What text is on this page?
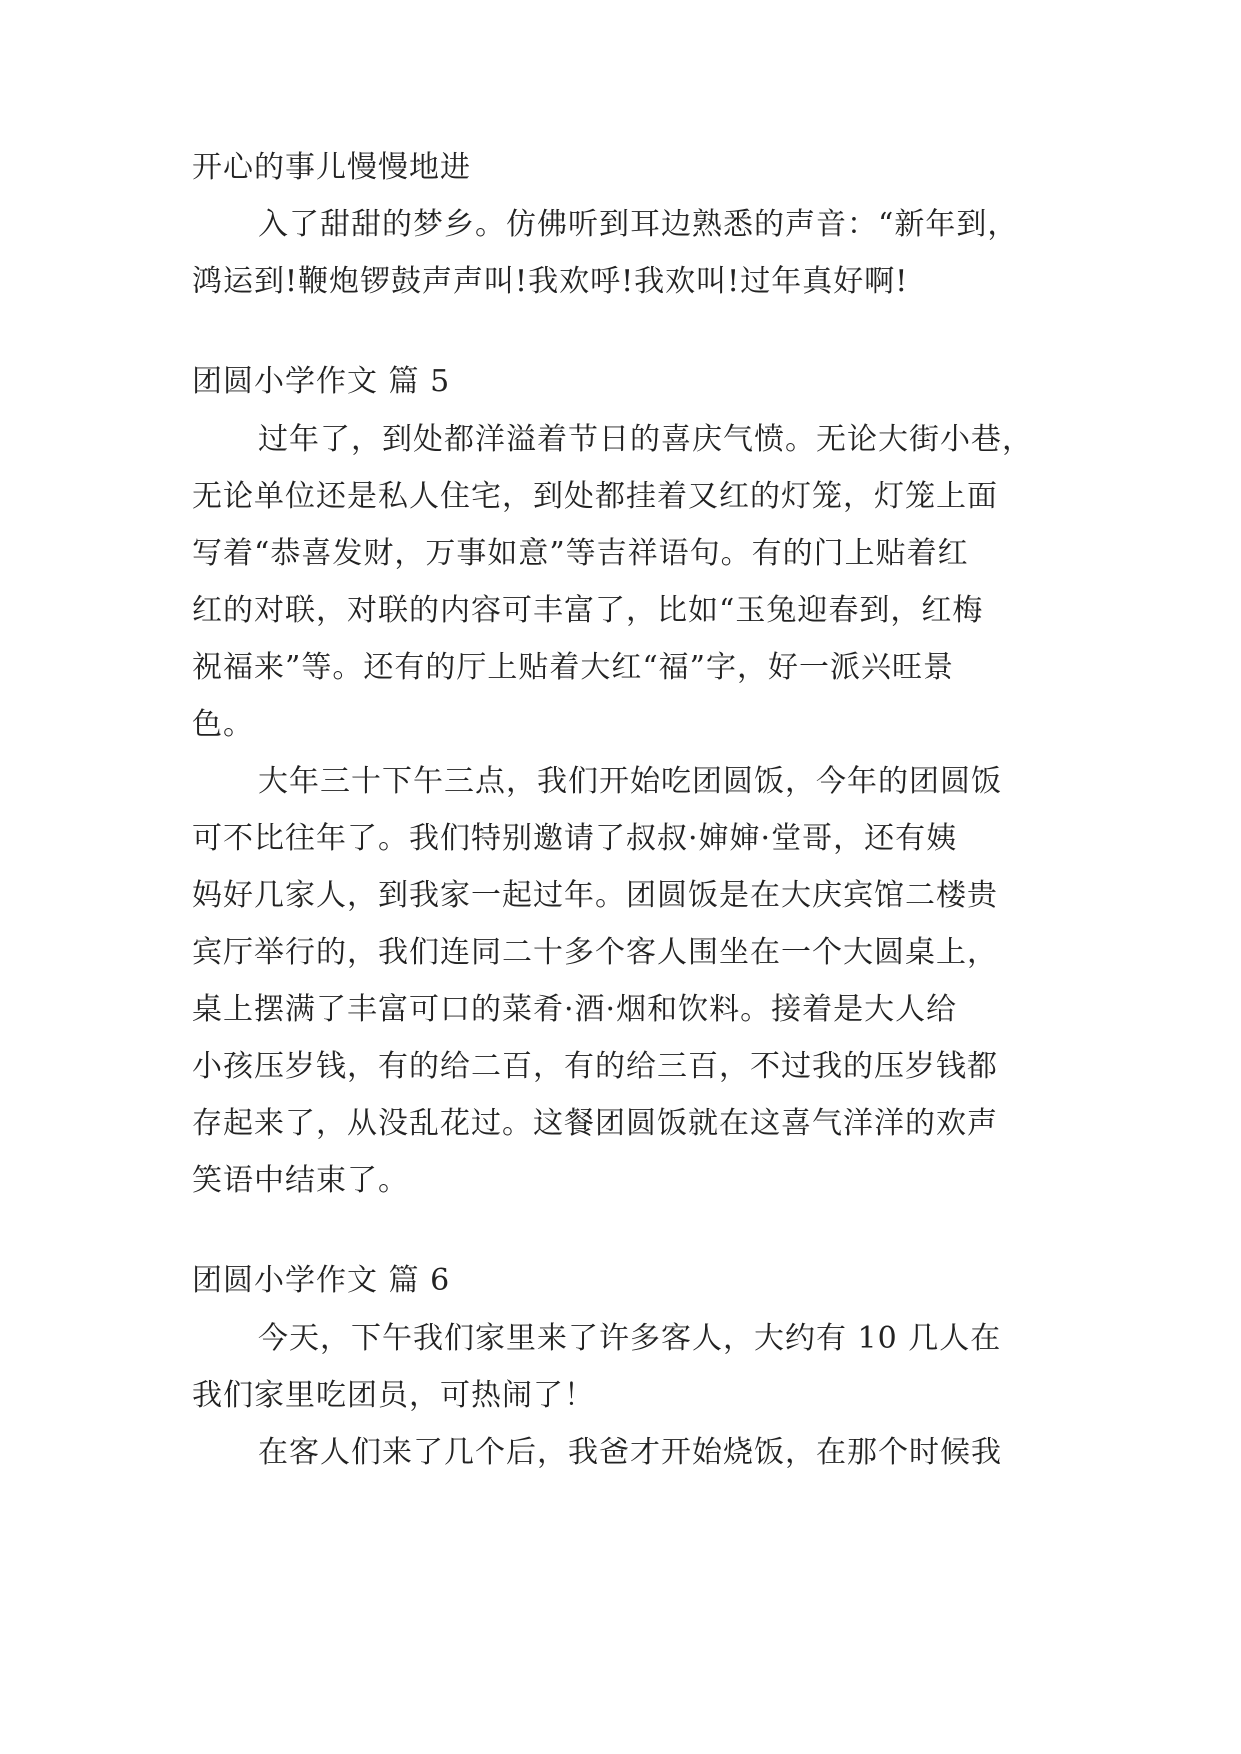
开心的事儿慢慢地进
入了甜甜的梦乡。仿佛听到耳边熟悉的声音：“新年到，
鸿运到!鞭炮锣鼓声声叫!我欢呼!我欢叫!过年真好啊!
团圆小学作文 篇 5
过年了，到处都洋溢着节日的喜庆气愤。无论大街小巷，
无论单位还是私人住宅，到处都挂着又红的灯笼，灯笼上面
写着“恭喜发财，万事如意”等吉祥语句。有的门上贴着红
红的对联，对联的内容可丰富了，比如“玉兔迎春到，红梅
祝福来”等。还有的厅上贴着大红“福”字，好一派兴旺景
色。
大年三十下午三点，我们开始吃团圆饭，今年的团圆饭
可不比往年了。我们特别邀请了叔叔·婶婶·堂哥，还有姨
妈好几家人，到我家一起过年。团圆饭是在大庆宾馆二楼贵
宾厅举行的，我们连同二十多个客人围坐在一个大圆桌上，
桌上摆满了丰富可口的菜肴·酒·烟和饮料。接着是大人给
小孩压岁钱，有的给二百，有的给三百，不过我的压岁钱都
存起来了，从没乱花过。这餐团圆饭就在这喜气洋洋的欢声
笑语中结束了。
团圆小学作文 篇 6
今天，下午我们家里来了许多客人，大约有 10 几人在
我们家里吃团员，可热闹了！
在客人们来了几个后，我爸才开始烧饭，在那个时候我
